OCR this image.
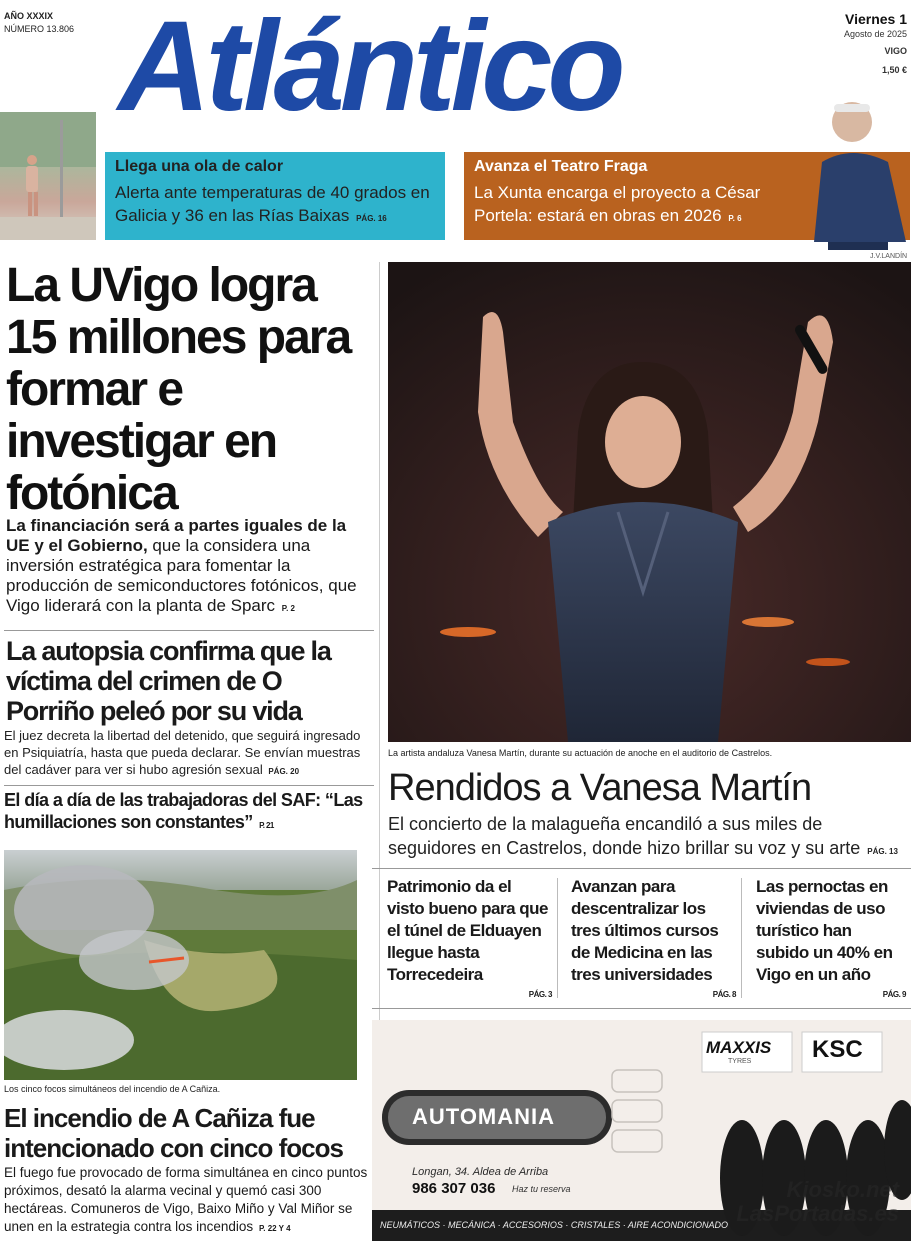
AÑO XXXIX
NÚMERO 13.806 Atlántico	Viernes 1
Agosto de 2025
VIGO
1,50 €
Llega una ola de calor

Alerta ante temperaturas de 40 grados en Galicia y 36 en las Rías Baixas PÁG. 16

Avanza el Teatro Fraga

La Xunta encarga el proyecto a César Portela: estará en obras en 2026 P. 6

J.V.LANDÍN
La UVigo logra 15 millones para formar e investigar en fotónica
La financiación será a partes iguales de la UE y el Gobierno, que la considera una inversión estratégica para fomentar la producción de semiconductores fotónicos, que Vigo liderará con la planta de Sparc P. 2
La autopsia confirma que la víctima del crimen de O Porriño peleó por su vida
El juez decreta la libertad del detenido, que seguirá ingresado en Psiquiatría, hasta que pueda declarar. Se envían muestras del cadáver para ver si hubo agresión sexual PÁG. 20
El día a día de las trabajadoras del SAF: “Las humillaciones son constantes” P. 21
Los cinco focos simultáneos del incendio de A Cañiza.
El incendio de A Cañiza fue intencionado con cinco focos
El fuego fue provocado de forma simultánea en cinco puntos próximos, desató la alarma vecinal y quemó casi 300 hectáreas. Comuneros de Vigo, Baixo Miño y Val Miñor se unen en la estrategia contra los incendios P. 22 Y 4
La artista andaluza Vanesa Martín, durante su actuación de anoche en el auditorio de Castrelos.
Rendidos a Vanesa Martín
El concierto de la malagueña encandiló a sus miles de seguidores en Castrelos, donde hizo brillar su voz y su arte PÁG. 13
Patrimonio da el visto bueno para que el túnel de Elduayen llegue hasta Torrecedeira
PÁG. 3
Avanzan para descentralizar los tres últimos cursos de Medicina en las tres universidades
PÁG. 8
Las pernoctas en viviendas de uso turístico han subido un 40% en Vigo en un año
PÁG. 9
AUTOMANIA
Longan, 34. Aldea de Arriba
986 307 036 Haz tu reserva
MAXXIS
TYRES	KSC
NEUMÁTICOS · MECÁNICA · ACCESORIOS · CRISTALES · AIRE ACONDICIONADO
Kiosko.net
LasPortadas.es
